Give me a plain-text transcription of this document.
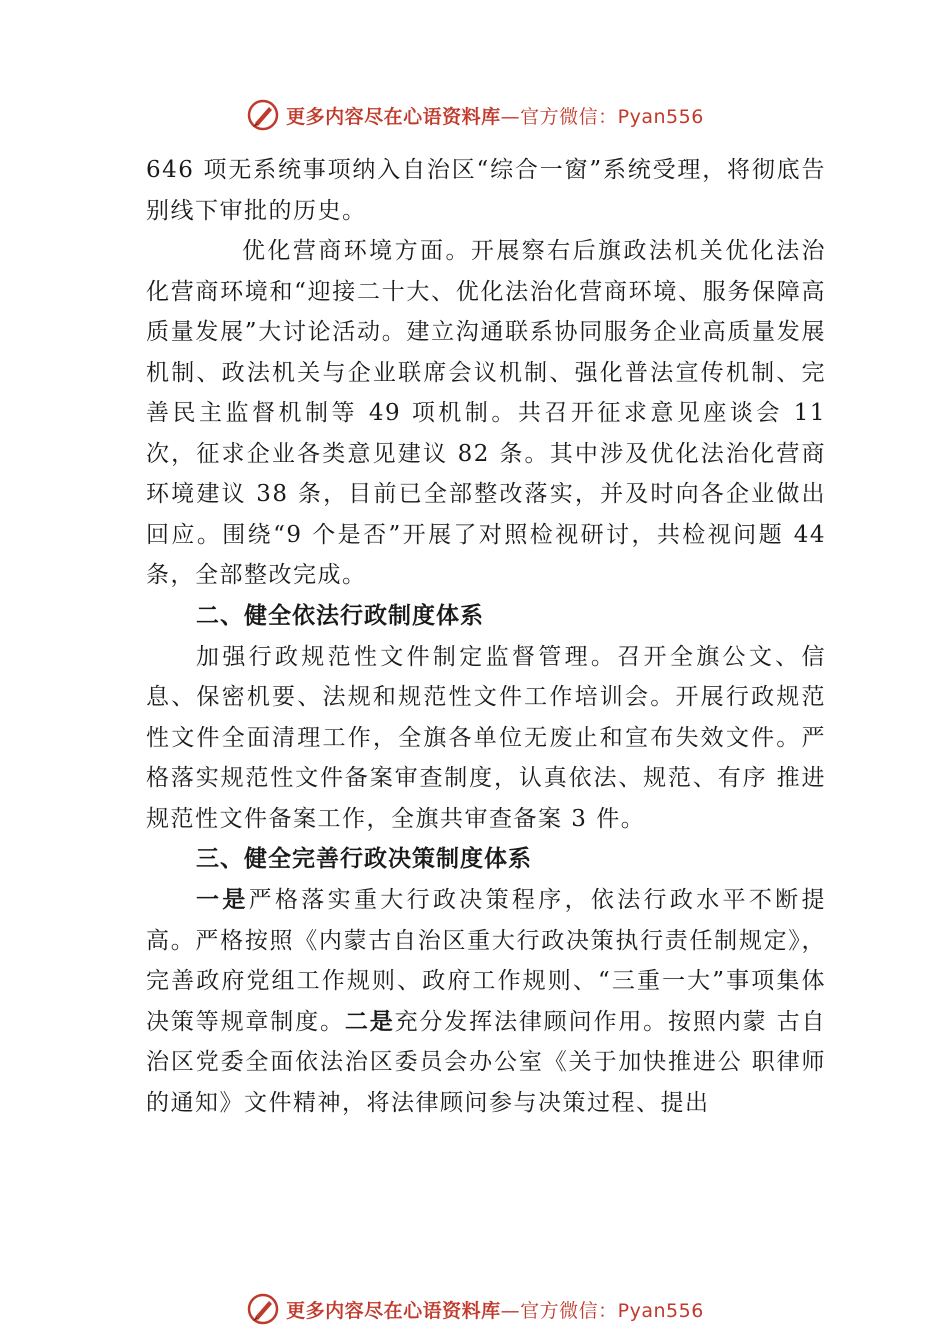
更多内容尽在心语资料库 —官方微信：Pyan556

646 项无系统事项纳入自治区“综合一窗”系统受理，将彻底告别线下审批的历史。

优化营商环境方面。开展察右后旗政法机关优化法治化营商环境和“迎接二十大、优化法治化营商环境、服务保障高质量发展”大讨论活动。建立沟通联系协同服务企业高质量发展机制、政法机关与企业联席会议机制、强化普法宣传机制、完善民主监督机制等 49 项机制。共召开征求意见座谈会 11 次，征求企业各类意见建议 82 条。其中涉及优化法治化营商环境建议 38 条，目前已全部整改落实，并及时向各企业做出回应。围绕“9 个是否”开展了对照检视研讨，共检视问题 44 条，全部整改完成。

二、健全依法行政制度体系

加强行政规范性文件制定监督管理。召开全旗公文、信息、保密机要、法规和规范性文件工作培训会。开展行政规范性文件全面清理工作，全旗各单位无废止和宣布失效文件。严格落实规范性文件备案审查制度，认真依法、规范、有序 推进规范性文件备案工作，全旗共审查备案 3 件。

三、健全完善行政决策制度体系

一是严格落实重大行政决策程序，依法行政水平不断提高。严格按照《内蒙古自治区重大行政决策执行责任制规定》，完善政府党组工作规则、政府工作规则、“三重一大”事项集体决策等规章制度。二是充分发挥法律顾问作用。按照内蒙 古自治区党委全面依法治区委员会办公室《关于加快推进公 职律师的通知》文件精神，将法律顾问参与决策过程、提出

更多内容尽在心语资料库 —官方微信：Pyan556
